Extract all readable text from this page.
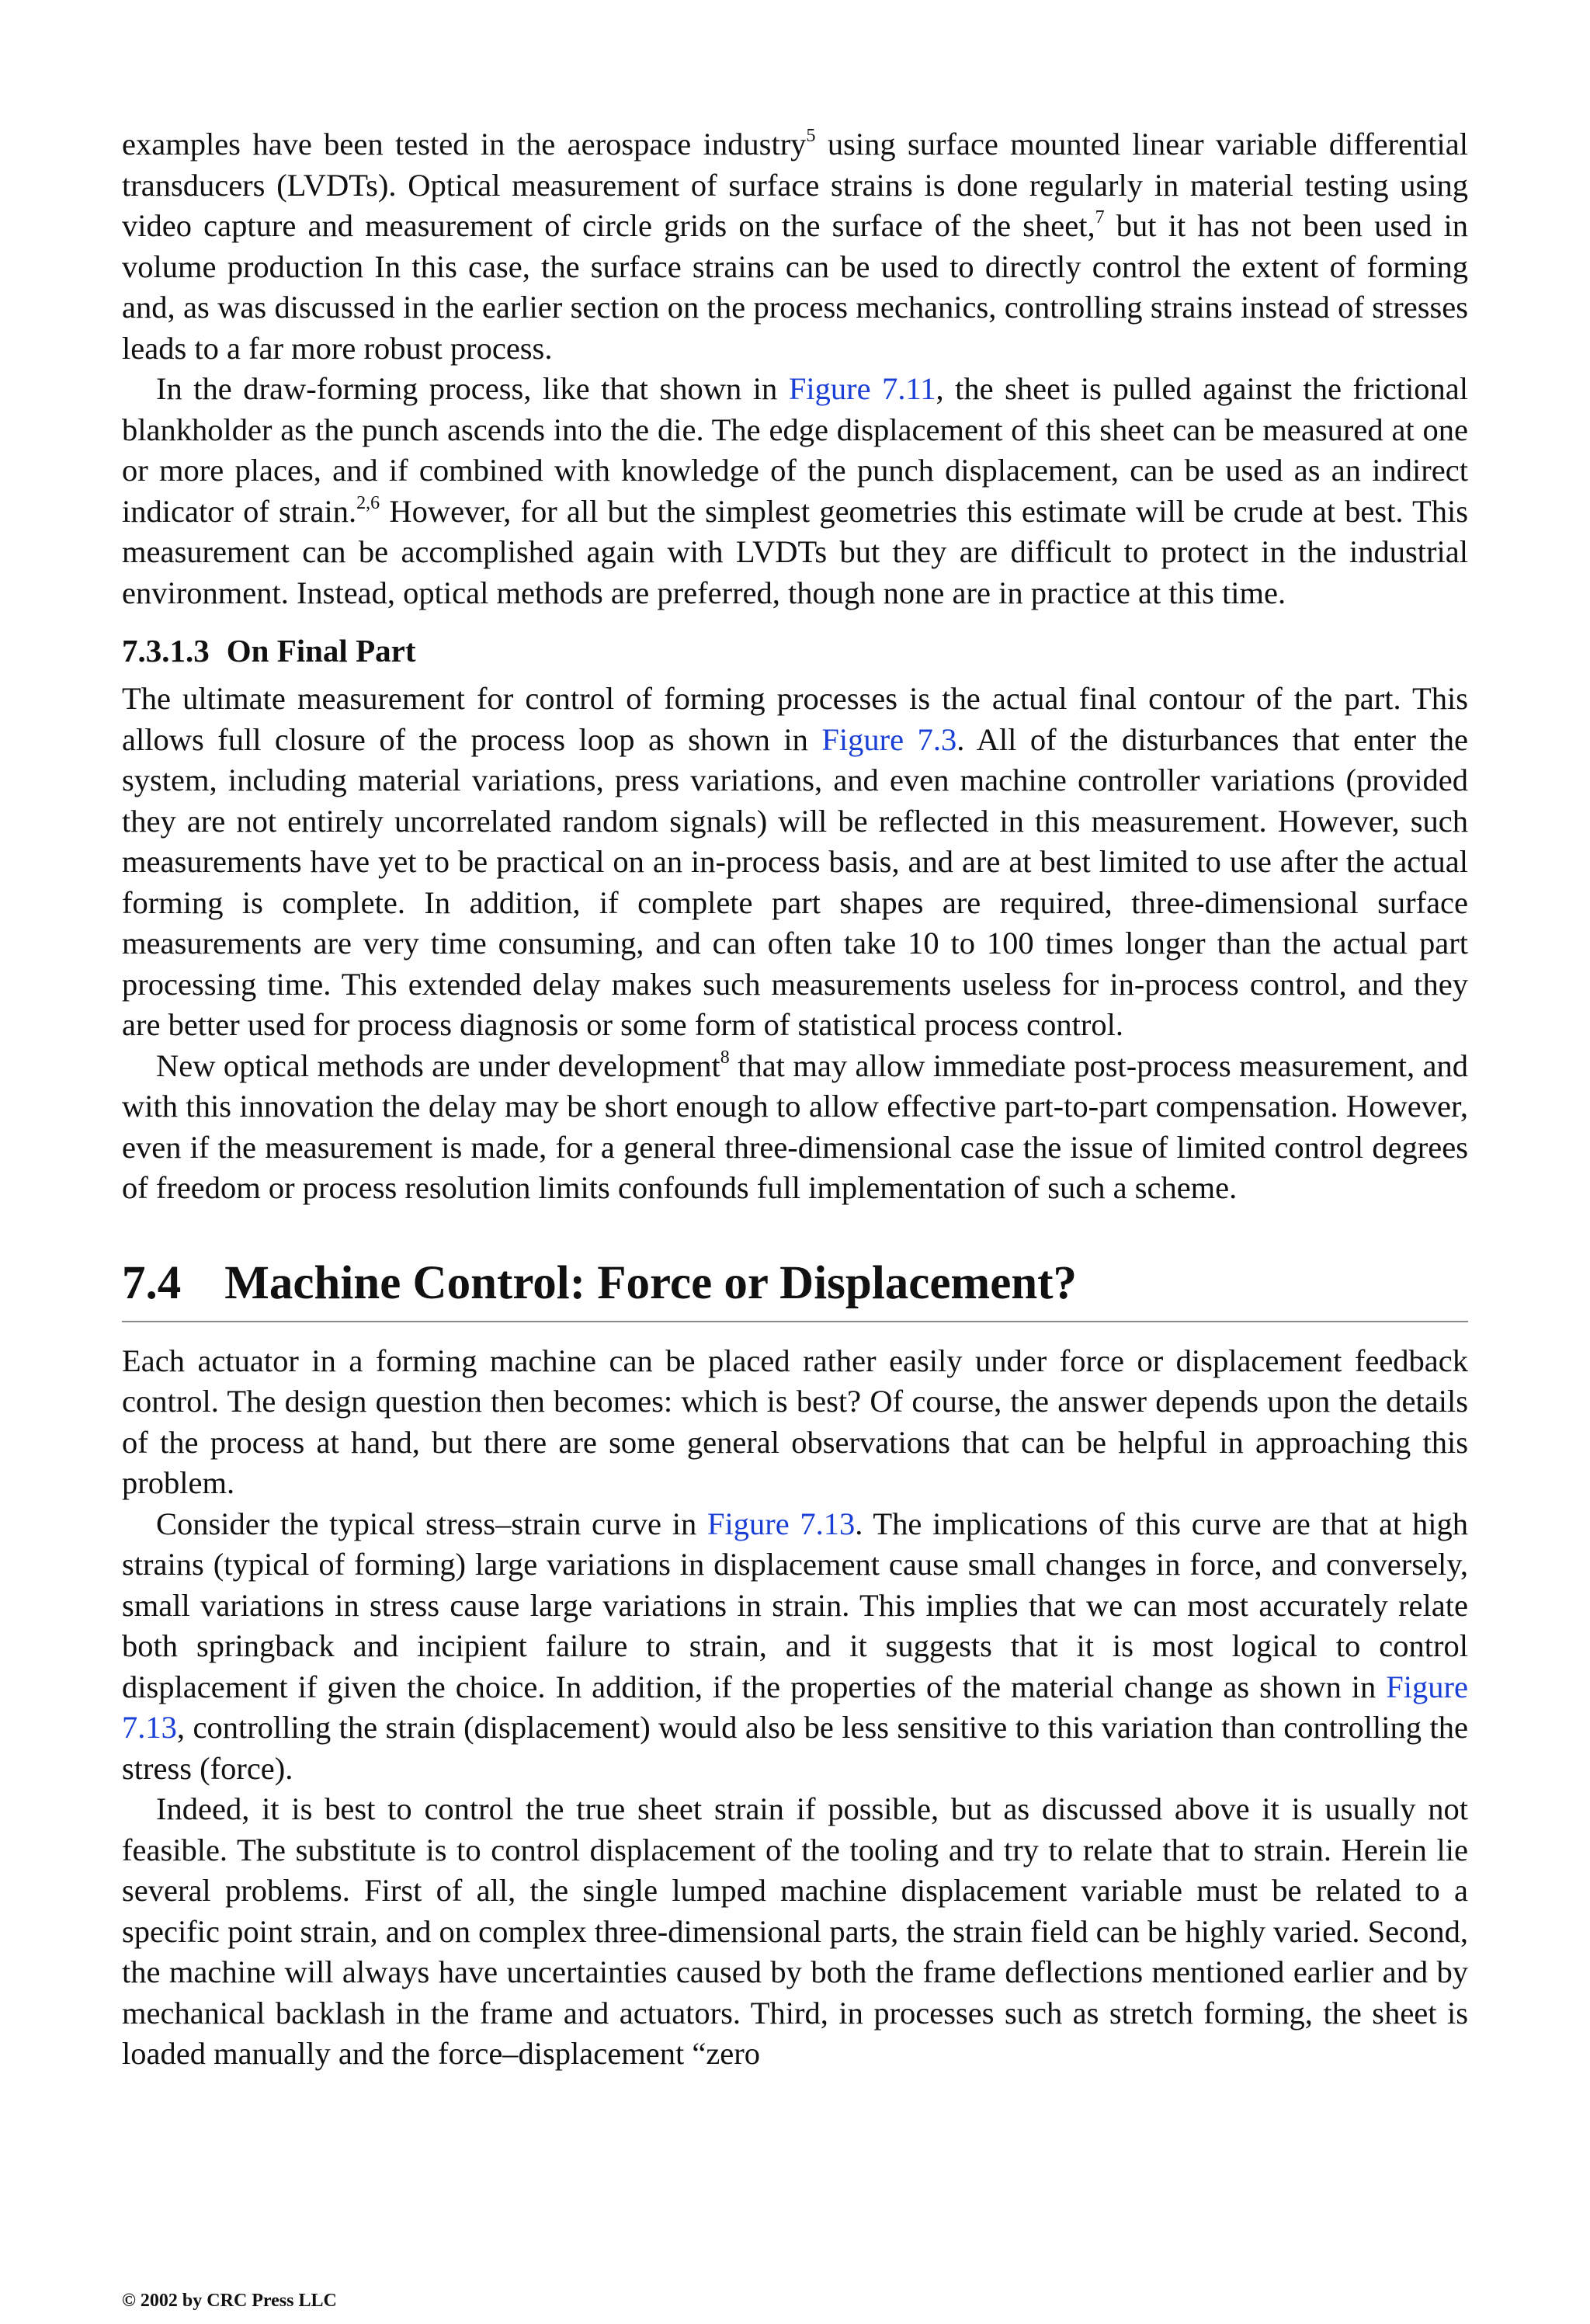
examples have been tested in the aerospace industry$^5$ using surface mounted linear variable differential transducers (LVDTs). Optical measurement of surface strains is done regularly in material testing using video capture and measurement of circle grids on the surface of the sheet,$^7$ but it has not been used in volume production In this case, the surface strains can be used to directly control the extent of forming and, as was discussed in the earlier section on the process mechanics, controlling strains instead of stresses leads to a far more robust process.

In the draw-forming process, like that shown in Figure 7.11, the sheet is pulled against the frictional blankholder as the punch ascends into the die. The edge displacement of this sheet can be measured at one or more places, and if combined with knowledge of the punch displacement, can be used as an indirect indicator of strain.$^{2,6}$ However, for all but the simplest geometries this estimate will be crude at best. This measurement can be accomplished again with LVDTs but they are difficult to protect in the industrial environment. Instead, optical methods are preferred, though none are in practice at this time.

7.3.1.3 On Final Part

The ultimate measurement for control of forming processes is the actual final contour of the part. This allows full closure of the process loop as shown in Figure 7.3. All of the disturbances that enter the system, including material variations, press variations, and even machine controller variations (provided they are not entirely uncorrelated random signals) will be reflected in this measurement. However, such measurements have yet to be practical on an in-process basis, and are at best limited to use after the actual forming is complete. In addition, if complete part shapes are required, three-dimensional surface measurements are very time consuming, and can often take 10 to 100 times longer than the actual part processing time. This extended delay makes such measurements useless for in-process control, and they are better used for process diagnosis or some form of statistical process control.

New optical methods are under development$^8$ that may allow immediate post-process measurement, and with this innovation the delay may be short enough to allow effective part-to-part compensation. However, even if the measurement is made, for a general three-dimensional case the issue of limited control degrees of freedom or process resolution limits confounds full implementation of such a scheme.

7.4 Machine Control: Force or Displacement?

Each actuator in a forming machine can be placed rather easily under force or displacement feedback control. The design question then becomes: which is best? Of course, the answer depends upon the details of the process at hand, but there are some general observations that can be helpful in approaching this problem.

Consider the typical stress–strain curve in Figure 7.13. The implications of this curve are that at high strains (typical of forming) large variations in displacement cause small changes in force, and conversely, small variations in stress cause large variations in strain. This implies that we can most accurately relate both springback and incipient failure to strain, and it suggests that it is most logical to control displacement if given the choice. In addition, if the properties of the material change as shown in Figure 7.13, controlling the strain (displacement) would also be less sensitive to this variation than controlling the stress (force).

Indeed, it is best to control the true sheet strain if possible, but as discussed above it is usually not feasible. The substitute is to control displacement of the tooling and try to relate that to strain. Herein lie several problems. First of all, the single lumped machine displacement variable must be related to a specific point strain, and on complex three-dimensional parts, the strain field can be highly varied. Second, the machine will always have uncertainties caused by both the frame deflections mentioned earlier and by mechanical backlash in the frame and actuators. Third, in processes such as stretch forming, the sheet is loaded manually and the force–displacement “zero

© 2002 by CRC Press LLC
